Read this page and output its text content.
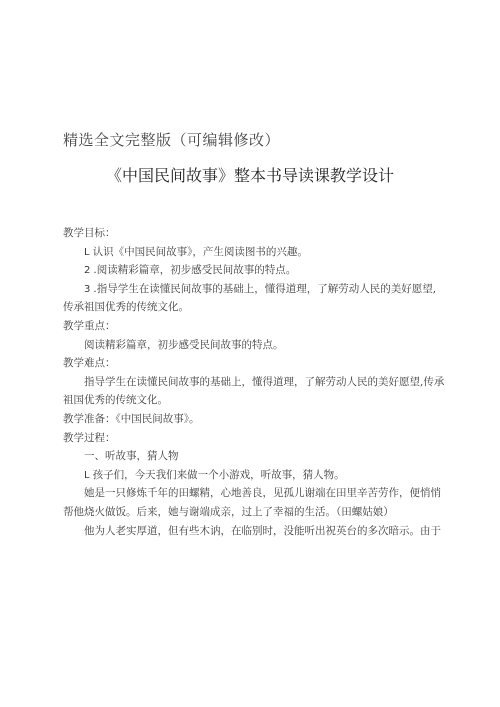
精选全文完整版（可编辑修改）
《中国民间故事》整本书导读课教学设计
教学目标：
L 认识《中国民间故事》，产生阅读图书的兴趣。
2 .阅读精彩篇章，初步感受民间故事的特点。
3 .指导学生在读懂民间故事的基础上，懂得道理，了解劳动人民的美好愿望,
传承祖国优秀的传统文化。
教学重点：
阅读精彩篇章，初步感受民间故事的特点。
教学难点：
指导学生在读懂民间故事的基础上，懂得道理，了解劳动人民的美好愿望,传承
祖国优秀的传统文化。
教学准备：《中国民间故事》。
教学过程：
一、听故事，猜人物
L 孩子们，今天我们来做一个小游戏，听故事，猜人物。
她是一只修炼千年的田螺精，心地善良，见孤儿谢端在田里辛苦劳作，便悄悄
帮他烧火做饭。后来，她与谢端成亲，过上了幸福的生活。（田螺姑娘）
他为人老实厚道，但有些木讷，在临别时，没能听出祝英台的多次暗示。由于
